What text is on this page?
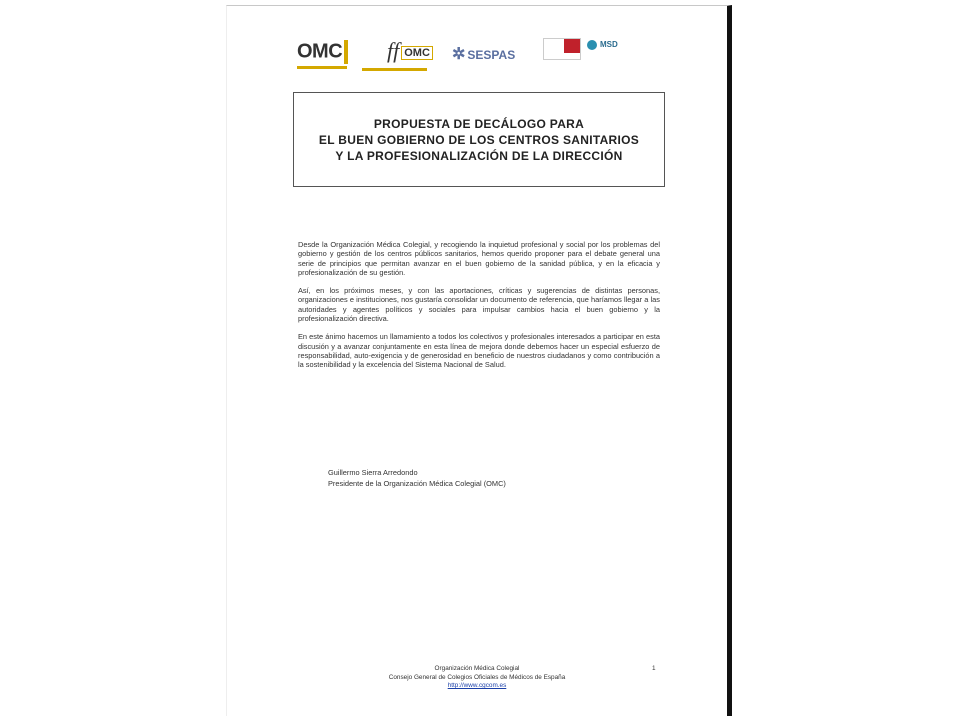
OMC ff OMC ✲ SESPAS
MSD
PROPUESTA DE DECÁLOGO PARA
EL BUEN GOBIERNO DE LOS CENTROS SANITARIOS
Y LA PROFESIONALIZACIÓN DE LA DIRECCIÓN

Desde la Organización Médica Colegial, y recogiendo la inquietud profesional y social por los problemas del gobierno y gestión de los centros públicos sanitarios, hemos querido proponer para el debate general una serie de principios que permitan avanzar en el buen gobierno de la sanidad pública, y en la eficacia y profesionalización de su gestión.

Así, en los próximos meses, y con las aportaciones, críticas y sugerencias de distintas personas, organizaciones e instituciones, nos gustaría consolidar un documento de referencia, que haríamos llegar a las autoridades y agentes políticos y sociales para impulsar cambios hacia el buen gobierno y la profesionalización directiva.

En este ánimo hacemos un llamamiento a todos los colectivos y profesionales interesados a participar en esta discusión y a avanzar conjuntamente en esta línea de mejora donde debemos hacer un especial esfuerzo de responsabilidad, auto-exigencia y de generosidad en beneficio de nuestros ciudadanos y como contribución a la sostenibilidad y la excelencia del Sistema Nacional de Salud.

Guillermo Sierra Arredondo
Presidente de la Organización Médica Colegial (OMC)
Organización Médica Colegial
Consejo General de Colegios Oficiales de Médicos de España
http://www.cgcom.es
1
